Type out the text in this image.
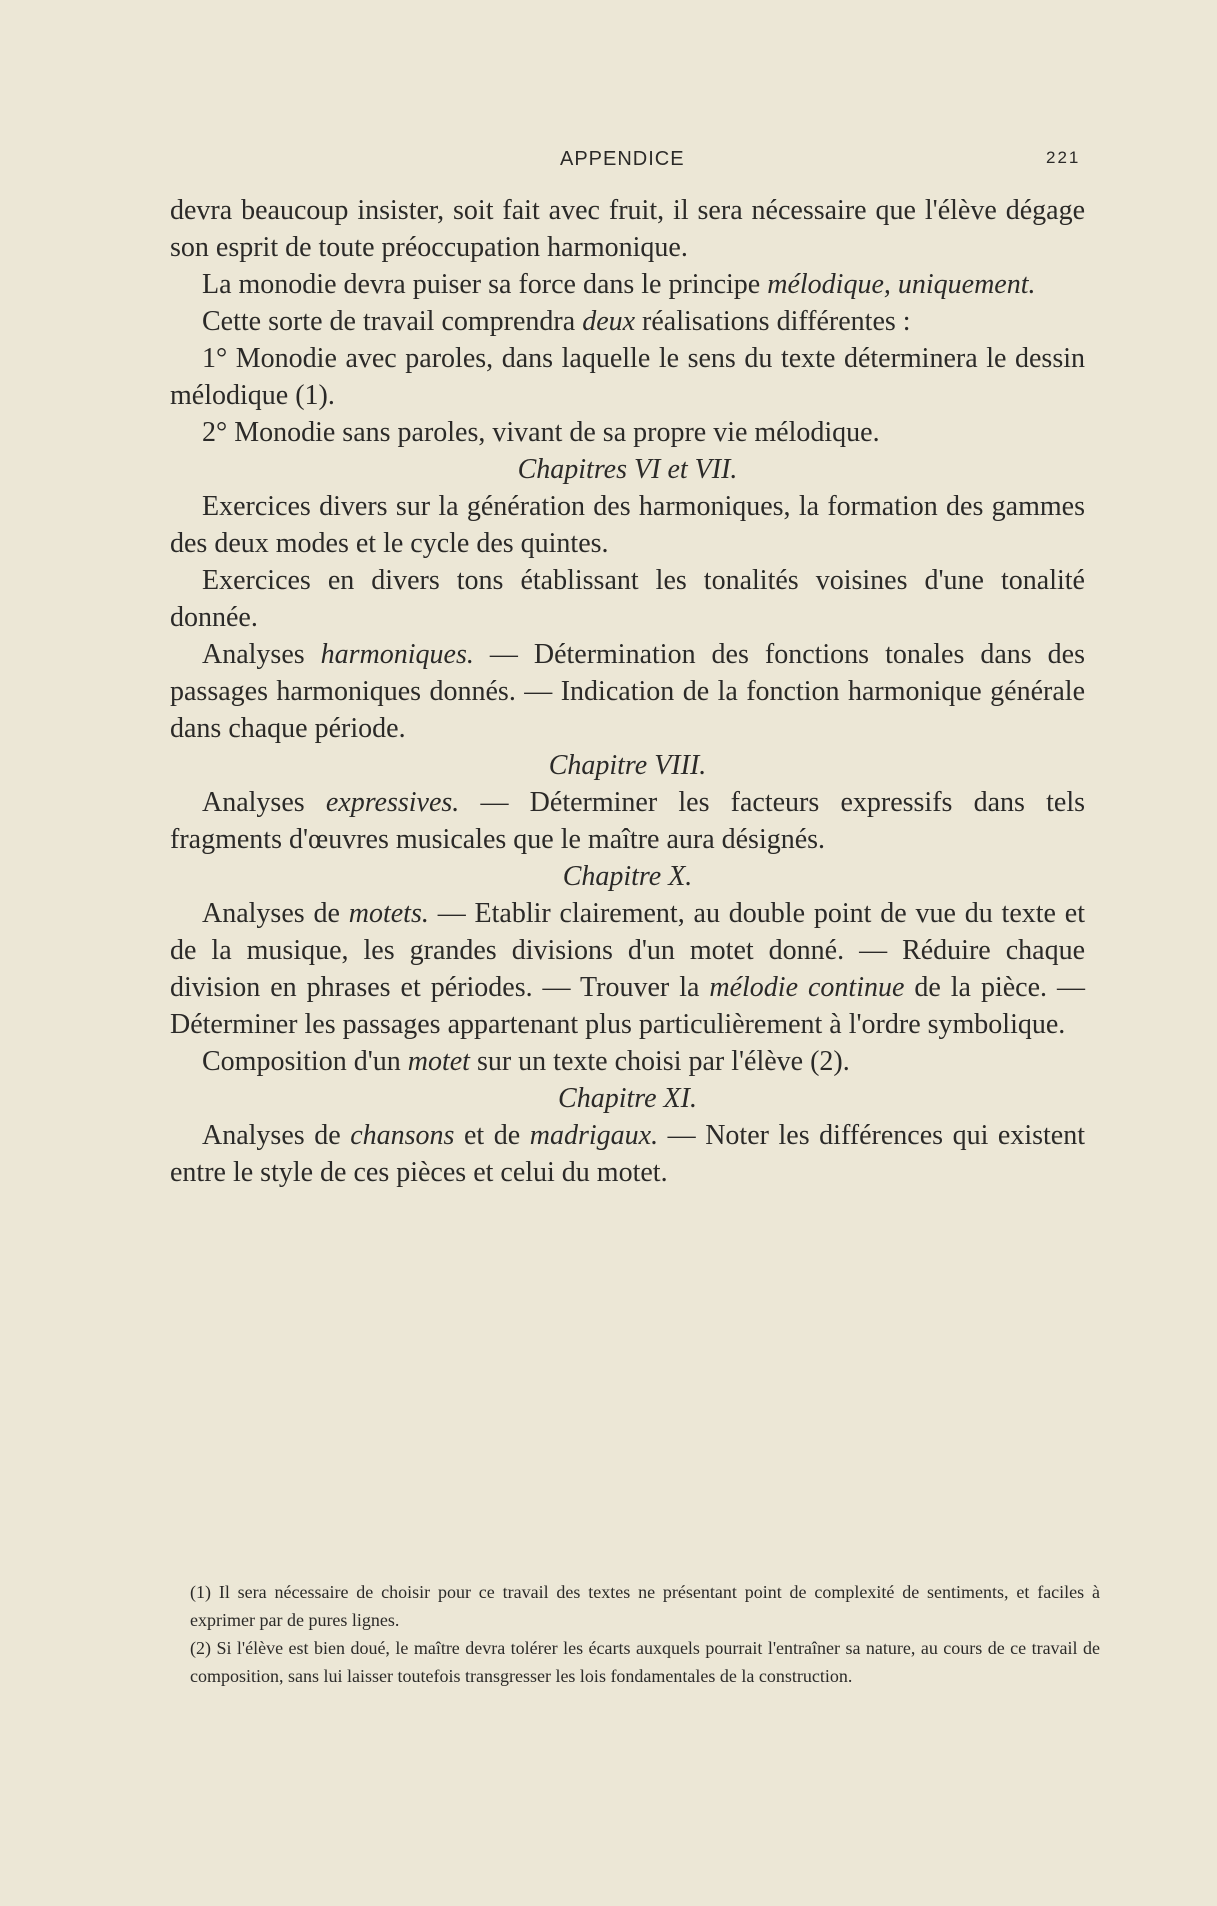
APPENDICE	221

devra beaucoup insister, soit fait avec fruit, il sera nécessaire que l'élève dégage son esprit de toute préoccupation harmonique.

La monodie devra puiser sa force dans le principe mélodique, uniquement.

Cette sorte de travail comprendra deux réalisations différentes :

1° Monodie avec paroles, dans laquelle le sens du texte déterminera le dessin mélodique (1).

2° Monodie sans paroles, vivant de sa propre vie mélodique.

Chapitres VI et VII.

Exercices divers sur la génération des harmoniques, la formation des gammes des deux modes et le cycle des quintes.

Exercices en divers tons établissant les tonalités voisines d'une tonalité donnée.

Analyses harmoniques. — Détermination des fonctions tonales dans des passages harmoniques donnés. — Indication de la fonction harmonique générale dans chaque période.

Chapitre VIII.

Analyses expressives. — Déterminer les facteurs expressifs dans tels fragments d'œuvres musicales que le maître aura désignés.

Chapitre X.

Analyses de motets. — Etablir clairement, au double point de vue du texte et de la musique, les grandes divisions d'un motet donné. — Réduire chaque division en phrases et périodes. — Trouver la mélodie continue de la pièce. — Déterminer les passages appartenant plus particulièrement à l'ordre symbolique.

Composition d'un motet sur un texte choisi par l'élève (2).

Chapitre XI.

Analyses de chansons et de madrigaux. — Noter les différences qui existent entre le style de ces pièces et celui du motet.

(1) Il sera nécessaire de choisir pour ce travail des textes ne présentant point de complexité de sentiments, et faciles à exprimer par de pures lignes.

(2) Si l'élève est bien doué, le maître devra tolérer les écarts auxquels pourrait l'entraîner sa nature, au cours de ce travail de composition, sans lui laisser toutefois transgresser les lois fondamentales de la construction.
